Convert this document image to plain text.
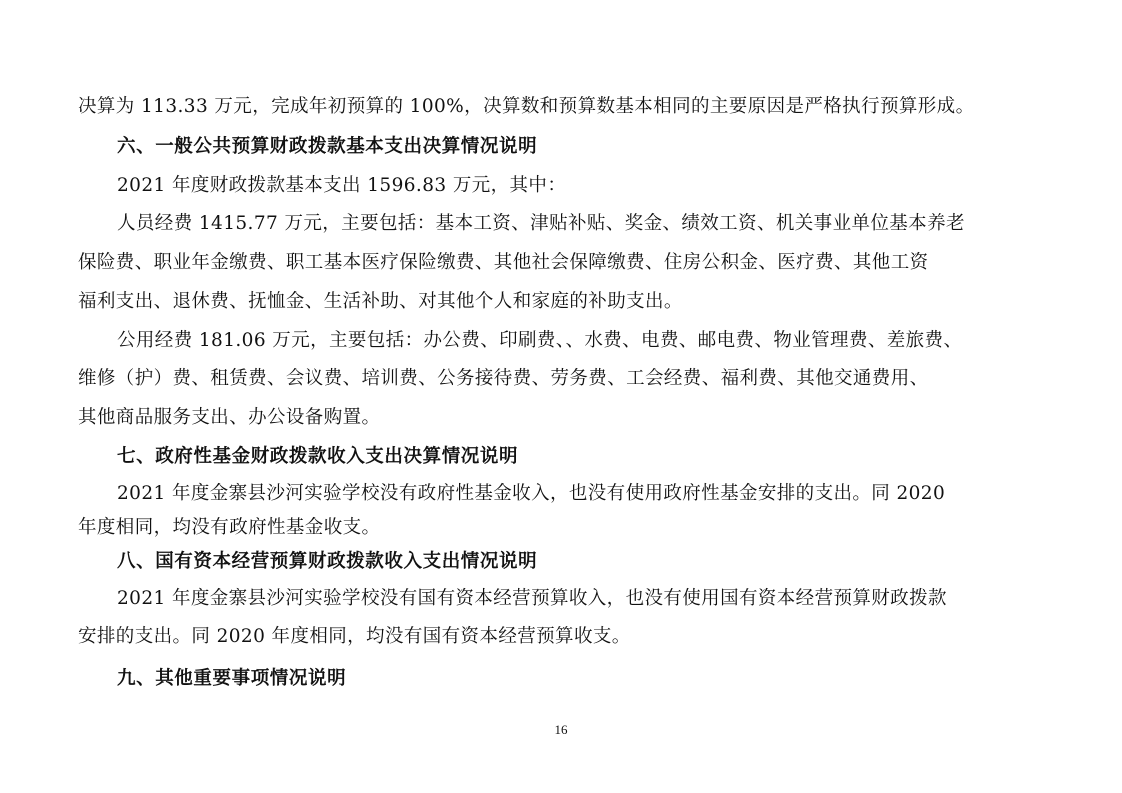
决算为 113.33 万元，完成年初预算的 100%，决算数和预算数基本相同的主要原因是严格执行预算形成。
六、一般公共预算财政拨款基本支出决算情况说明
2021 年度财政拨款基本支出 1596.83 万元，其中：
人员经费 1415.77 万元，主要包括：基本工资、津贴补贴、奖金、绩效工资、机关事业单位基本养老
保险费、职业年金缴费、职工基本医疗保险缴费、其他社会保障缴费、住房公积金、医疗费、其他工资
福利支出、退休费、抚恤金、生活补助、对其他个人和家庭的补助支出。
公用经费 181.06 万元，主要包括：办公费、印刷费、、水费、电费、邮电费、物业管理费、差旅费、
维修（护）费、租赁费、会议费、培训费、公务接待费、劳务费、工会经费、福利费、其他交通费用、
其他商品服务支出、办公设备购置。
七、政府性基金财政拨款收入支出决算情况说明
2021 年度金寨县沙河实验学校没有政府性基金收入，也没有使用政府性基金安排的支出。同 2020
年度相同，均没有政府性基金收支。
八、国有资本经营预算财政拨款收入支出情况说明
2021 年度金寨县沙河实验学校没有国有资本经营预算收入，也没有使用国有资本经营预算财政拨款
安排的支出。同 2020 年度相同，均没有国有资本经营预算收支。
九、其他重要事项情况说明
16
